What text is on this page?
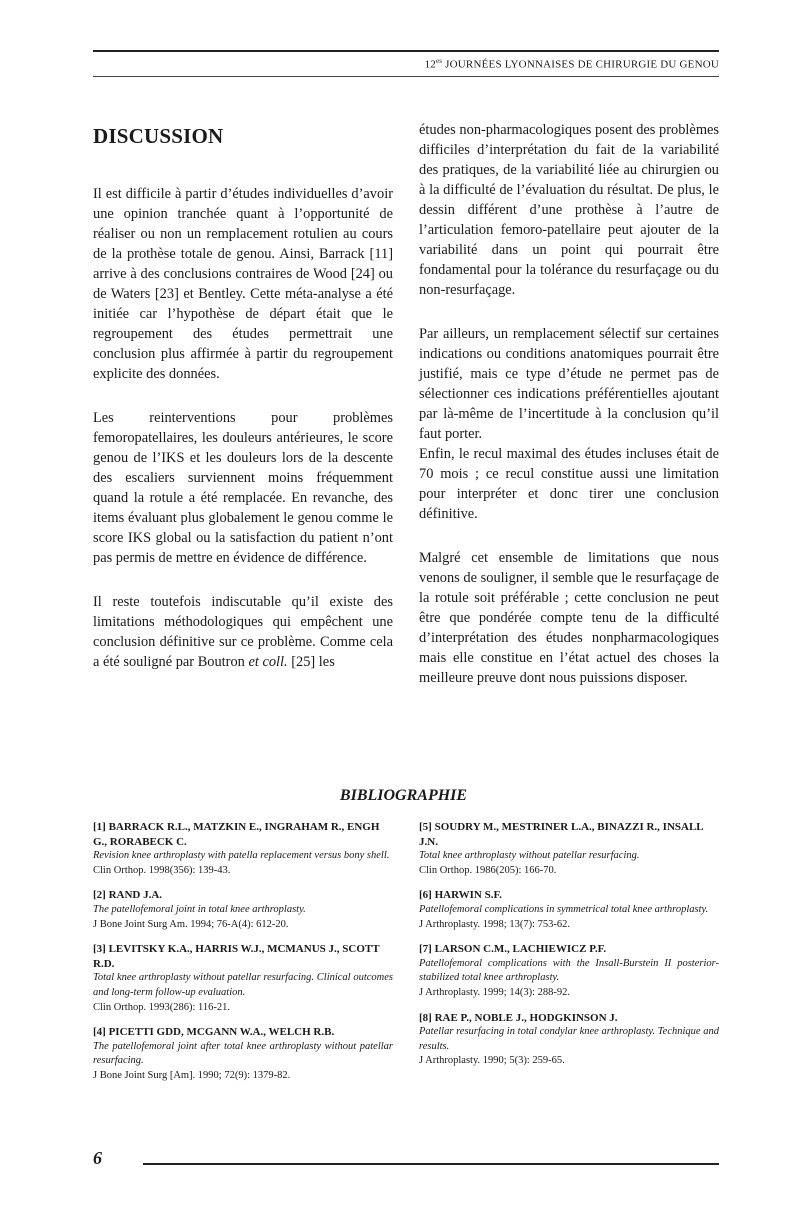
$12^{es}$ JOURNÉES LYONNAISES DE CHIRURGIE DU GENOU
DISCUSSION

Il est difficile à partir d’études individuelles d’avoir une opinion tranchée quant à l’opportunité de réaliser ou non un remplacement rotulien au cours de la prothèse totale de genou. Ainsi, Barrack [11] arrive à des conclusions contraires de Wood [24] ou de Waters [23] et Bentley. Cette méta-analyse a été initiée car l’hypothèse de départ était que le regroupement des études permettrait une conclusion plus affirmée à partir du regroupement explicite des données.

Les reinterventions pour problèmes femoropatellaires, les douleurs antérieures, le score genou de l’IKS et les douleurs lors de la descente des escaliers surviennent moins fréquemment quand la rotule a été remplacée. En revanche, des items évaluant plus globalement le genou comme le score IKS global ou la satisfaction du patient n’ont pas permis de mettre en évidence de différence.

Il reste toutefois indiscutable qu’il existe des limitations méthodologiques qui empêchent une conclusion définitive sur ce problème. Comme cela a été souligné par Boutron et coll. [25] les

études non-pharmacologiques posent des problèmes difficiles d’interprétation du fait de la variabilité des pratiques, de la variabilité liée au chirurgien ou à la difficulté de l’évaluation du résultat. De plus, le dessin différent d’une prothèse à l’autre de l’articulation femoro-patellaire peut ajouter de la variabilité dans un point qui pourrait être fondamental pour la tolérance du resurfaçage ou du non-resurfaçage.

Par ailleurs, un remplacement sélectif sur certaines indications ou conditions anatomiques pourrait être justifié, mais ce type d’étude ne permet pas de sélectionner ces indications préférentielles ajoutant par là-même de l’incertitude à la conclusion qu’il faut porter.

Enfin, le recul maximal des études incluses était de 70 mois ; ce recul constitue aussi une limitation pour interpréter et donc tirer une conclusion définitive.

Malgré cet ensemble de limitations que nous venons de souligner, il semble que le resurfaçage de la rotule soit préférable ; cette conclusion ne peut être que pondérée compte tenu de la difficulté d’interprétation des études nonpharmacologiques mais elle constitue en l’état actuel des choses la meilleure preuve dont nous puissions disposer.

BIBLIOGRAPHIE
[1] BARRACK R.L., MATZKIN E., INGRAHAM R., ENGH G., RORABECK C.
Revision knee arthroplasty with patella replacement versus bony shell.
Clin Orthop. 1998(356): 139-43.
[2] RAND J.A.
The patellofemoral joint in total knee arthroplasty.
J Bone Joint Surg Am. 1994; 76-A(4): 612-20.
[3] LEVITSKY K.A., HARRIS W.J., MCMANUS J., SCOTT R.D.
Total knee arthroplasty without patellar resurfacing. Clinical outcomes and long-term follow-up evaluation.
Clin Orthop. 1993(286): 116-21.
[4] PICETTI GDD, MCGANN W.A., WELCH R.B.
The patellofemoral joint after total knee arthroplasty without patellar resurfacing.
J Bone Joint Surg [Am]. 1990; 72(9): 1379-82.
[5] SOUDRY M., MESTRINER L.A., BINAZZI R., INSALL J.N.
Total knee arthroplasty without patellar resurfacing.
Clin Orthop. 1986(205): 166-70.
[6] HARWIN S.F.
Patellofemoral complications in symmetrical total knee arthroplasty.
J Arthroplasty. 1998; 13(7): 753-62.
[7] LARSON C.M., LACHIEWICZ P.F.
Patellofemoral complications with the Insall-Burstein II posterior-stabilized total knee arthroplasty.
J Arthroplasty. 1999; 14(3): 288-92.
[8] RAE P., NOBLE J., HODGKINSON J.
Patellar resurfacing in total condylar knee arthroplasty. Technique and results.
J Arthroplasty. 1990; 5(3): 259-65.
6
